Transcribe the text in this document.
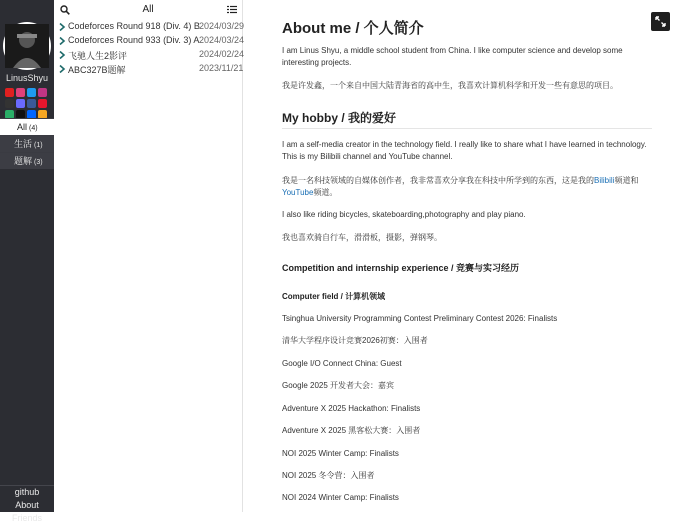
LinusShyu
All (4)
生活 (1)
题解 (3)
github
About Friends
All
Codeforces Round 918 (Div. 4) B 2024/03/29
Codeforces Round 933 (Div. 3) A 2024/03/24
飞驰人生2影评	2024/02/24
ABC327B题解	2023/11/21
About me / 个人简介
I am Linus Shyu, a middle school student from China. I like computer science and develop some interesting projects.
我是许发鑫，一个来自中国大陆青海省的高中生，我喜欢计算机科学和开发一些有意思的项目。
My hobby / 我的爱好
I am a self-media creator in the technology field. I really like to share what I have learned in technology. This is my Bilibili channel and YouTube channel.
我是一名科技领域的自媒体创作者，我非常喜欢分享我在科技中所学到的东西，这是我的Bilibili频道和YouTube频道。
I also like riding bicycles, skateboarding,photography and play piano.
我也喜欢骑自行车，滑滑板，摄影，弹钢琴。
Competition and internship experience / 竞赛与实习经历
Computer field / 计算机领域
Tsinghua University Programming Contest Preliminary Contest 2026: Finalists
清华大学程序设计竞赛2026初赛：入围者
Google I/O Connect China: Guest
Google 2025 开发者大会：嘉宾
Adventure X 2025 Hackathon: Finalists
Adventure X 2025 黑客松大赛：入围者
NOI 2025 Winter Camp: Finalists
NOI 2025 冬令营：入围者
NOI 2024 Winter Camp: Finalists
